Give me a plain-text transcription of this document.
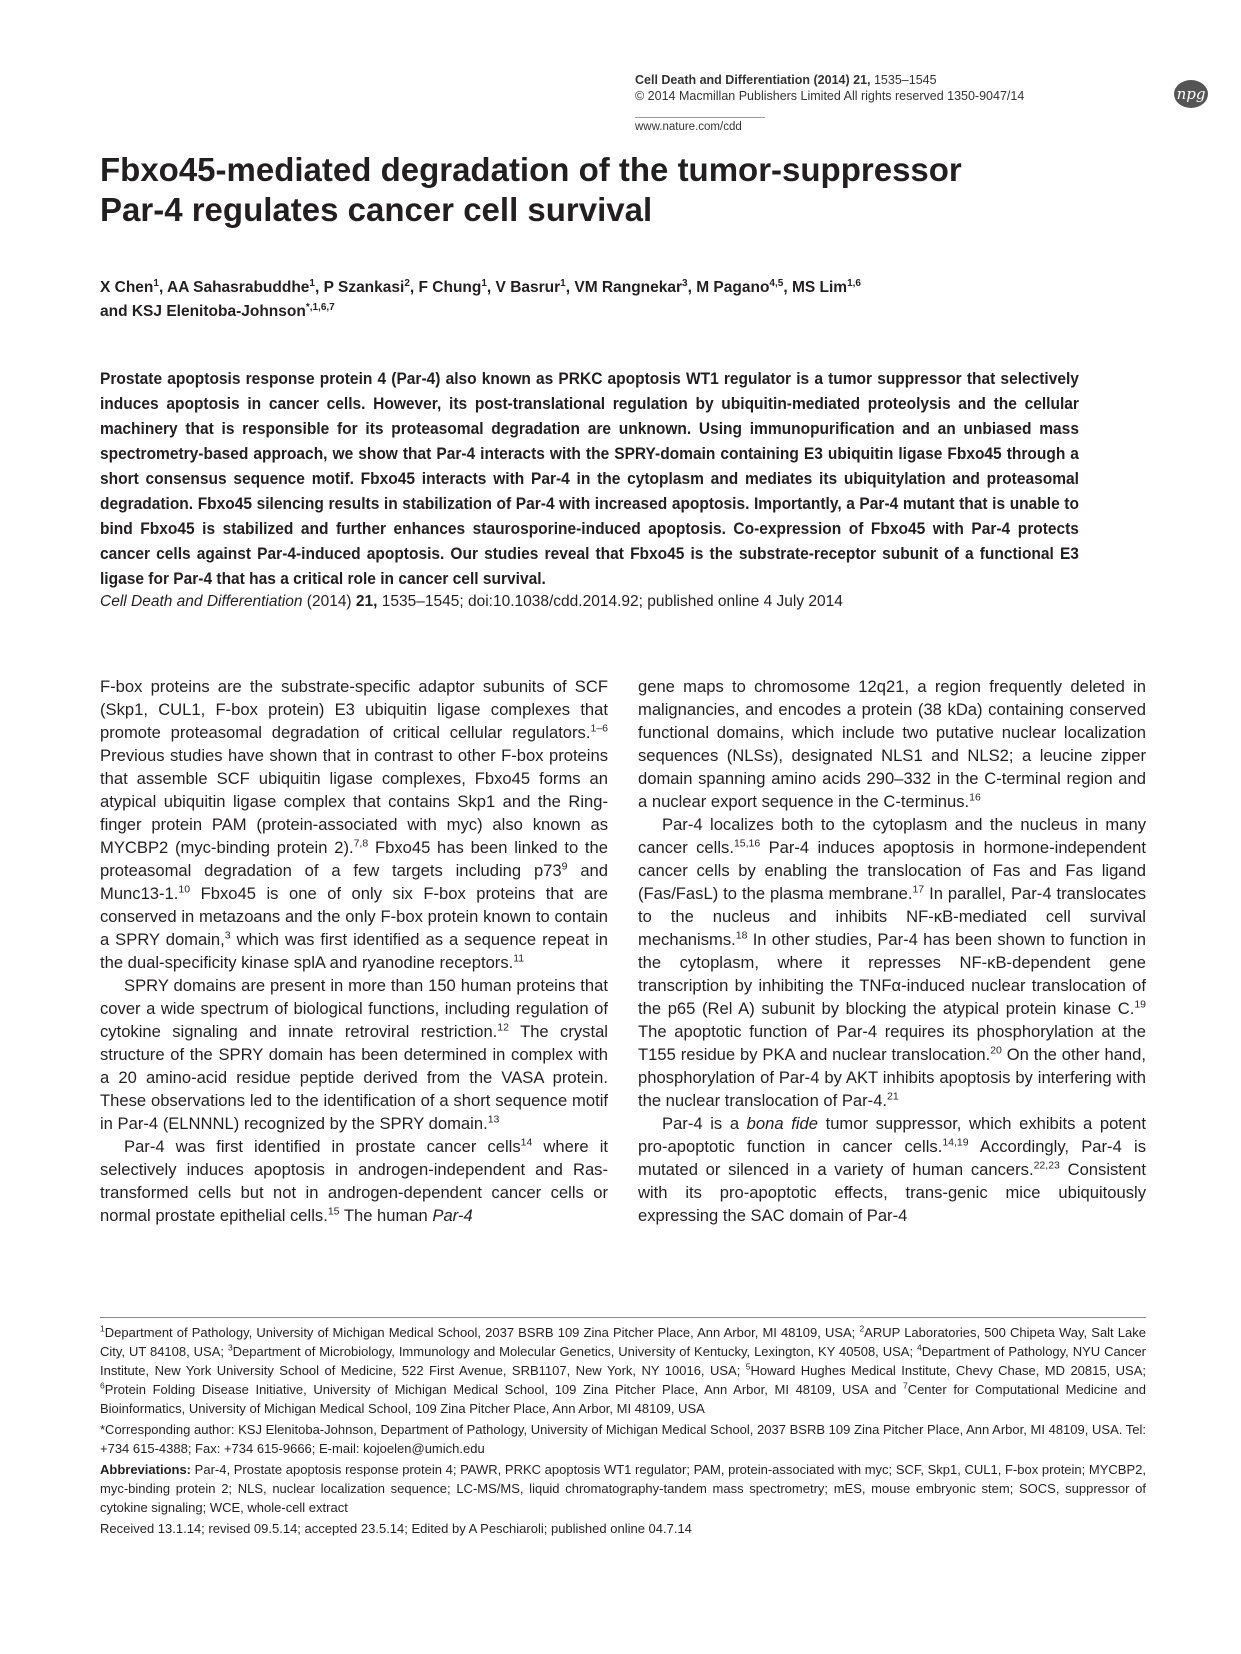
Cell Death and Differentiation (2014) 21, 1535–1545
© 2014 Macmillan Publishers Limited All rights reserved 1350-9047/14
www.nature.com/cdd
npg
Fbxo45-mediated degradation of the tumor-suppressor
Par-4 regulates cancer cell survival
X Chen$^1$, AA Sahasrabuddhe$^1$, P Szankasi$^2$, F Chung$^1$, V Basrur$^1$, VM Rangnekar$^3$, M Pagano$^{4,5}$, MS Lim$^{1,6}$
and KSJ Elenitoba-Johnson$^{*,1,6,7}$
Prostate apoptosis response protein 4 (Par-4) also known as PRKC apoptosis WT1 regulator is a tumor suppressor that selectively induces apoptosis in cancer cells. However, its post-translational regulation by ubiquitin-mediated proteolysis and the cellular machinery that is responsible for its proteasomal degradation are unknown. Using immunopurification and an unbiased mass spectrometry-based approach, we show that Par-4 interacts with the SPRY-domain containing E3 ubiquitin ligase Fbxo45 through a short consensus sequence motif. Fbxo45 interacts with Par-4 in the cytoplasm and mediates its ubiquitylation and proteasomal degradation. Fbxo45 silencing results in stabilization of Par-4 with increased apoptosis. Importantly, a Par-4 mutant that is unable to bind Fbxo45 is stabilized and further enhances staurosporine-induced apoptosis. Co-expression of Fbxo45 with Par-4 protects cancer cells against Par-4-induced apoptosis. Our studies reveal that Fbxo45 is the substrate-receptor subunit of a functional E3 ligase for Par-4 that has a critical role in cancer cell survival.
Cell Death and Differentiation (2014) 21, 1535–1545; doi:10.1038/cdd.2014.92; published online 4 July 2014

F-box proteins are the substrate-specific adaptor subunits of SCF (Skp1, CUL1, F-box protein) E3 ubiquitin ligase complexes that promote proteasomal degradation of critical cellular regulators.$^{1-6}$ Previous studies have shown that in contrast to other F-box proteins that assemble SCF ubiquitin ligase complexes, Fbxo45 forms an atypical ubiquitin ligase complex that contains Skp1 and the Ring-finger protein PAM (protein-associated with myc) also known as MYCBP2 (myc-binding protein 2).$^{7,8}$ Fbxo45 has been linked to the proteasomal degradation of a few targets including $p73^9$ and Munc13-1.10 Fbxo45 is one of only six F-box proteins that are conserved in metazoans and the only F-box protein known to contain a SPRY domain,$^3$ which was first identified as a sequence repeat in the dual-specificity kinase splA and ryanodine receptors.$^{11}$

SPRY domains are present in more than 150 human proteins that cover a wide spectrum of biological functions, including regulation of cytokine signaling and innate retroviral restriction.$^{12}$ The crystal structure of the SPRY domain has been determined in complex with a 20 amino-acid residue peptide derived from the VASA protein. These observations led to the identification of a short sequence motif in Par-4 (ELNNNL) recognized by the SPRY domain.$^{13}$

Par-4 was first identified in prostate cancer cells$^{14}$ where it selectively induces apoptosis in androgen-independent and Ras-transformed cells but not in androgen-dependent cancer cells or normal prostate epithelial cells.$^{15}$ The human Par-4

gene maps to chromosome 12q21, a region frequently deleted in malignancies, and encodes a protein (38 kDa) containing conserved functional domains, which include two putative nuclear localization sequences (NLSs), designated NLS1 and NLS2; a leucine zipper domain spanning amino acids 290–332 in the C-terminal region and a nuclear export sequence in the C-terminus.$^{16}$

Par-4 localizes both to the cytoplasm and the nucleus in many cancer cells.$^{15,16}$ Par-4 induces apoptosis in hormone-independent cancer cells by enabling the translocation of Fas and Fas ligand (Fas/FasL) to the plasma membrane.$^{17}$ In parallel, Par-4 translocates to the nucleus and inhibits NF-κB-mediated cell survival mechanisms.$^{18}$ In other studies, Par-4 has been shown to function in the cytoplasm, where it represses NF-κB-dependent gene transcription by inhibiting the TNFα-induced nuclear translocation of the p65 (Rel A) subunit by blocking the atypical protein kinase C.$^{19}$ The apoptotic function of Par-4 requires its phosphorylation at the T155 residue by PKA and nuclear translocation.$^{20}$ On the other hand, phosphorylation of Par-4 by AKT inhibits apoptosis by interfering with the nuclear translocation of Par-4.21

Par-4 is a bona fide tumor suppressor, which exhibits a potent pro-apoptotic function in cancer cells.$^{14,19}$ Accordingly, Par-4 is mutated or silenced in a variety of human cancers.$^{22,23}$ Consistent with its pro-apoptotic effects, trans-genic mice ubiquitously expressing the SAC domain of Par-4

$^1$Department of Pathology, University of Michigan Medical School, 2037 BSRB 109 Zina Pitcher Place, Ann Arbor, MI 48109, USA; $^2$ARUP Laboratories, 500 Chipeta Way, Salt Lake City, UT 84108, USA; $^3$Department of Microbiology, Immunology and Molecular Genetics, University of Kentucky, Lexington, KY 40508, USA; $^4$Department of Pathology, NYU Cancer Institute, New York University School of Medicine, 522 First Avenue, SRB1107, New York, NY 10016, USA; $^5$Howard Hughes Medical Institute, Chevy Chase, MD 20815, USA; $^6$Protein Folding Disease Initiative, University of Michigan Medical School, 109 Zina Pitcher Place, Ann Arbor, MI 48109, USA and $^7$Center for Computational Medicine and Bioinformatics, University of Michigan Medical School, 109 Zina Pitcher Place, Ann Arbor, MI 48109, USA

*Corresponding author: KSJ Elenitoba-Johnson, Department of Pathology, University of Michigan Medical School, 2037 BSRB 109 Zina Pitcher Place, Ann Arbor, MI 48109, USA. Tel: +734 615-4388; Fax: +734 615-9666; E-mail: kojoelen@umich.edu

Abbreviations: Par-4, Prostate apoptosis response protein 4; PAWR, PRKC apoptosis WT1 regulator; PAM, protein-associated with myc; SCF, Skp1, CUL1, F-box protein; MYCBP2, myc-binding protein 2; NLS, nuclear localization sequence; LC-MS/MS, liquid chromatography-tandem mass spectrometry; mES, mouse embryonic stem; SOCS, suppressor of cytokine signaling; WCE, whole-cell extract

Received 13.1.14; revised 09.5.14; accepted 23.5.14; Edited by A Peschiaroli; published online 04.7.14
